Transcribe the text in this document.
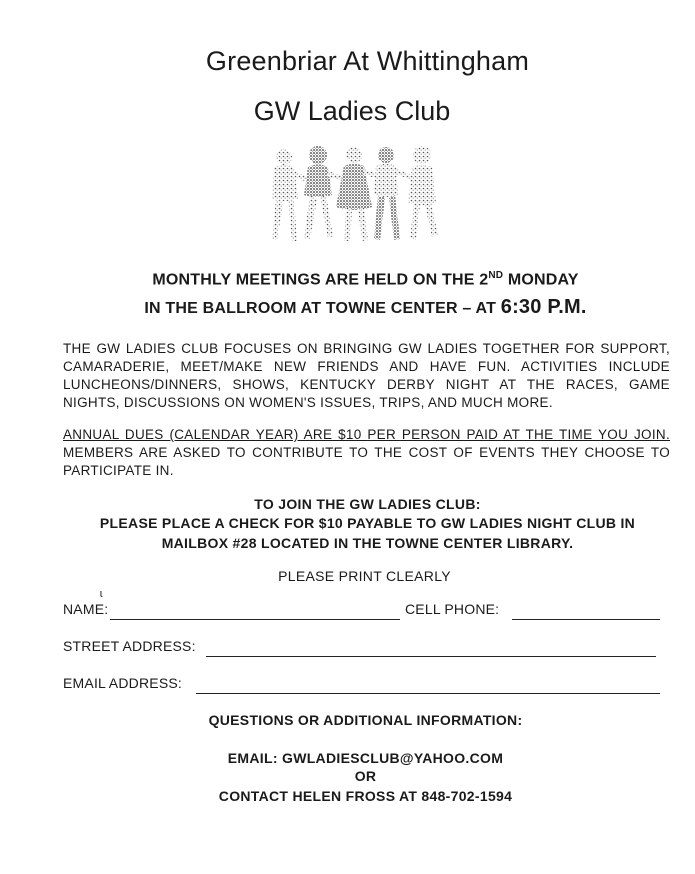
Greenbriar At Whittingham
GW Ladies Club
MONTHLY MEETINGS ARE HELD ON THE 2ND MONDAY
IN THE BALLROOM AT TOWNE CENTER – AT 6:30 P.M.
THE GW LADIES CLUB FOCUSES ON BRINGING GW LADIES TOGETHER FOR SUPPORT, CAMARADERIE, MEET/MAKE NEW FRIENDS AND HAVE FUN. ACTIVITIES INCLUDE LUNCHEONS/DINNERS, SHOWS, KENTUCKY DERBY NIGHT AT THE RACES, GAME NIGHTS, DISCUSSIONS ON WOMEN'S ISSUES, TRIPS, AND MUCH MORE.
ANNUAL DUES (CALENDAR YEAR) ARE $10 PER PERSON PAID AT THE TIME YOU JOIN. MEMBERS ARE ASKED TO CONTRIBUTE TO THE COST OF EVENTS THEY CHOOSE TO PARTICIPATE IN.
TO JOIN THE GW LADIES CLUB:
PLEASE PLACE A CHECK FOR $10 PAYABLE TO GW LADIES NIGHT CLUB IN
MAILBOX #28 LOCATED IN THE TOWNE CENTER LIBRARY.
PLEASE PRINT CLEARLY
ɩ
NAME:	CELL PHONE:
STREET ADDRESS:
EMAIL ADDRESS:
QUESTIONS OR ADDITIONAL INFORMATION:
EMAIL: GWLADIESCLUB@YAHOO.COM
OR
CONTACT HELEN FROSS AT 848-702-1594
